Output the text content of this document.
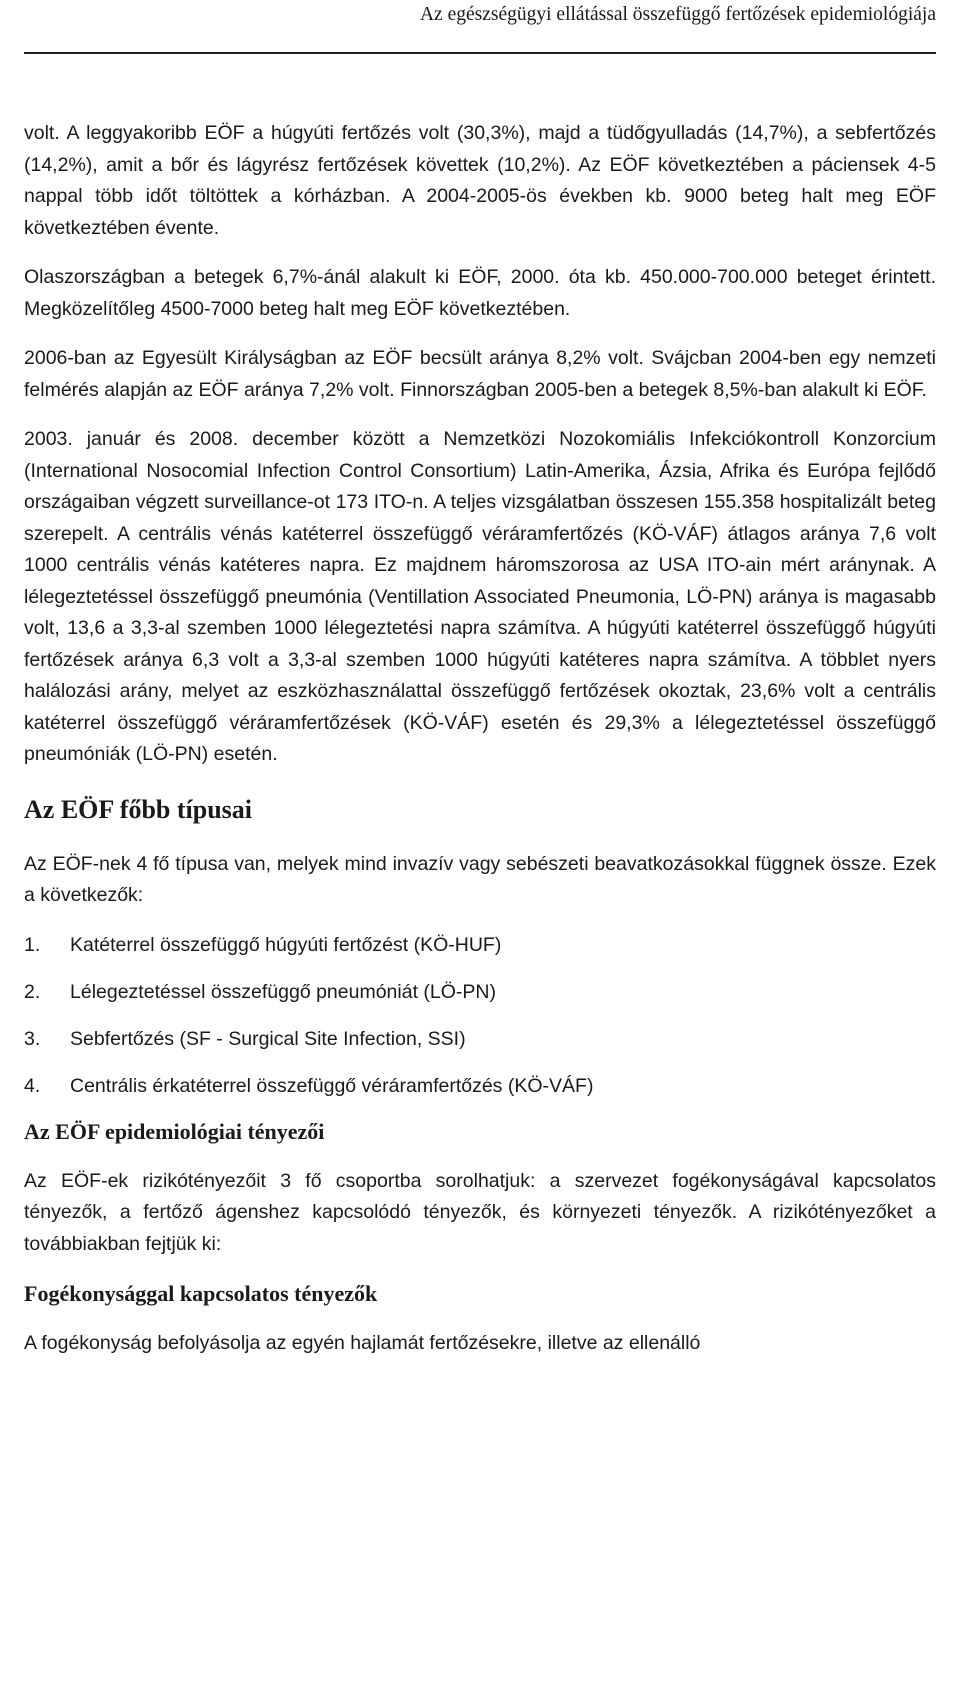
Az egészségügyi ellátással összefüggő fertőzések epidemiológiája

volt. A leggyakoribb EÖF a húgyúti fertőzés volt (30,3%), majd a tüdőgyulladás (14,7%), a sebfertőzés (14,2%), amit a bőr és lágyrész fertőzések követtek (10,2%). Az EÖF következtében a páciensek 4-5 nappal több időt töltöttek a kórházban. A 2004-2005-ös években kb. 9000 beteg halt meg EÖF következtében évente.

Olaszországban a betegek 6,7%-ánál alakult ki EÖF, 2000. óta kb. 450.000-700.000 beteget érintett. Megközelítőleg 4500-7000 beteg halt meg EÖF következtében.

2006-ban az Egyesült Királyságban az EÖF becsült aránya 8,2% volt. Svájcban 2004-ben egy nemzeti felmérés alapján az EÖF aránya 7,2% volt. Finnországban 2005-ben a betegek 8,5%-ban alakult ki EÖF.

2003. január és 2008. december között a Nemzetközi Nozokomiális Infekciókontroll Konzorcium (International Nosocomial Infection Control Consortium) Latin-Amerika, Ázsia, Afrika és Európa fejlődő országaiban végzett surveillance-ot 173 ITO-n. A teljes vizsgálatban összesen 155.358 hospitalizált beteg szerepelt. A centrális vénás katéterrel összefüggő véráramfertőzés (KÖ-VÁF) átlagos aránya 7,6 volt 1000 centrális vénás katéteres napra. Ez majdnem háromszorosa az USA ITO-ain mért aránynak. A lélegeztetéssel összefüggő pneumónia (Ventillation Associated Pneumonia, LÖ-PN) aránya is magasabb volt, 13,6 a 3,3-al szemben 1000 lélegeztetési napra számítva. A húgyúti katéterrel összefüggő húgyúti fertőzések aránya 6,3 volt a 3,3-al szemben 1000 húgyúti katéteres napra számítva. A többlet nyers halálozási arány, melyet az eszközhasználattal összefüggő fertőzések okoztak, 23,6% volt a centrális katéterrel összefüggő véráramfertőzések (KÖ-VÁF) esetén és 29,3% a lélegeztetéssel összefüggő pneumóniák (LÖ-PN) esetén.

Az EÖF főbb típusai

Az EÖF-nek 4 fő típusa van, melyek mind invazív vagy sebészeti beavatkozásokkal függnek össze. Ezek a következők:

1.	Katéterrel összefüggő húgyúti fertőzést (KÖ-HUF)
2.	Lélegeztetéssel összefüggő pneumóniát (LÖ-PN)
3.	Sebfertőzés (SF - Surgical Site Infection, SSI)
4.	Centrális érkatéterrel összefüggő véráramfertőzés (KÖ-VÁF)
Az EÖF epidemiológiai tényezői

Az EÖF-ek rizikótényezőit 3 fő csoportba sorolhatjuk: a szervezet fogékonyságával kapcsolatos tényezők, a fertőző ágenshez kapcsolódó tényezők, és környezeti tényezők. A rizikótényezőket a továbbiakban fejtjük ki:

Fogékonysággal kapcsolatos tényezők

A fogékonyság befolyásolja az egyén hajlamát fertőzésekre, illetve az ellenálló
